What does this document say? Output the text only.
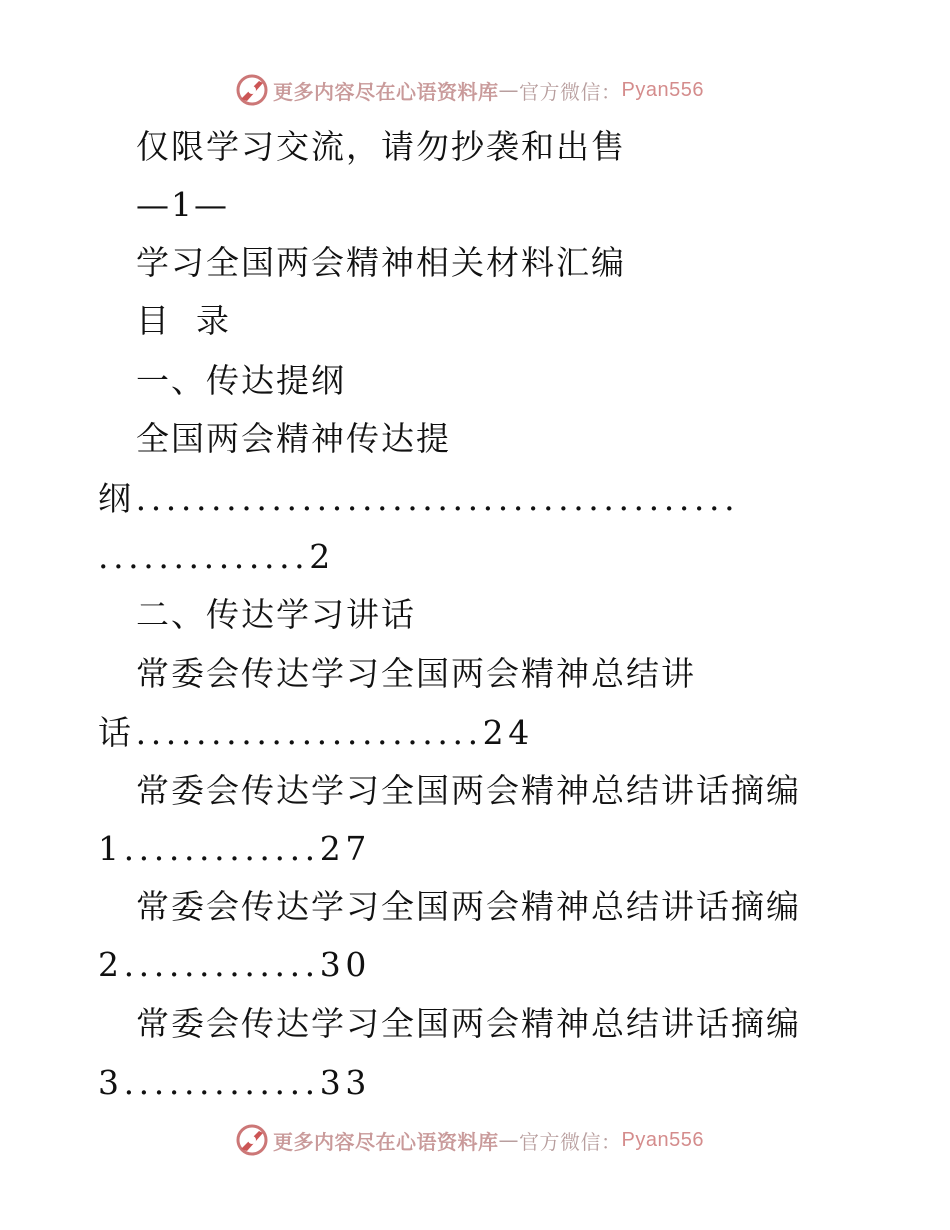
更多内容尽在心语资料库 — 官方微信： Pyan556
仅限学习交流，请勿抄袭和出售
—1—
学习全国两会精神相关材料汇编
目  录
一、传达提纲
全国两会精神传达提
纲........................................
..............2
二、传达学习讲话
常委会传达学习全国两会精神总结讲
话.......................24
常委会传达学习全国两会精神总结讲话摘编
1.............27
常委会传达学习全国两会精神总结讲话摘编
2.............30
常委会传达学习全国两会精神总结讲话摘编
3.............33
更多内容尽在心语资料库 — 官方微信： Pyan556
